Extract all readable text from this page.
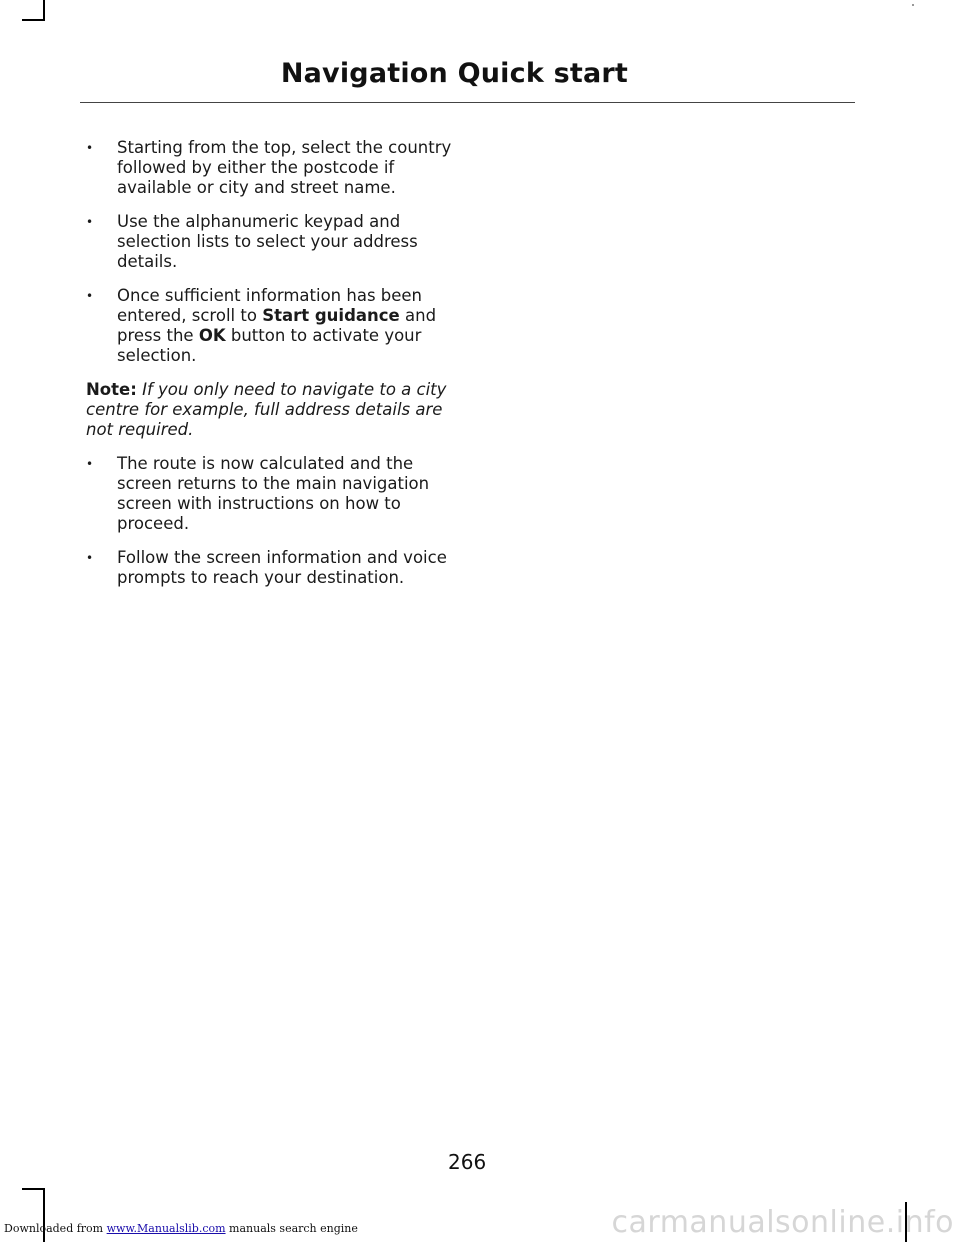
Navigation Quick start
• Starting from the top, select the country followed by either the postcode if available or city and street name.
• Use the alphanumeric keypad and selection lists to select your address details.
• Once sufficient information has been entered, scroll to Start guidance and press the OK button to activate your selection.

Note: If you only need to navigate to a city centre for example, full address details are not required.

• The route is now calculated and the screen returns to the main navigation screen with instructions on how to proceed.
• Follow the screen information and voice prompts to reach your destination.
266
Downloaded from www.Manualslib.com manuals search engine	carmanualsonline.info
